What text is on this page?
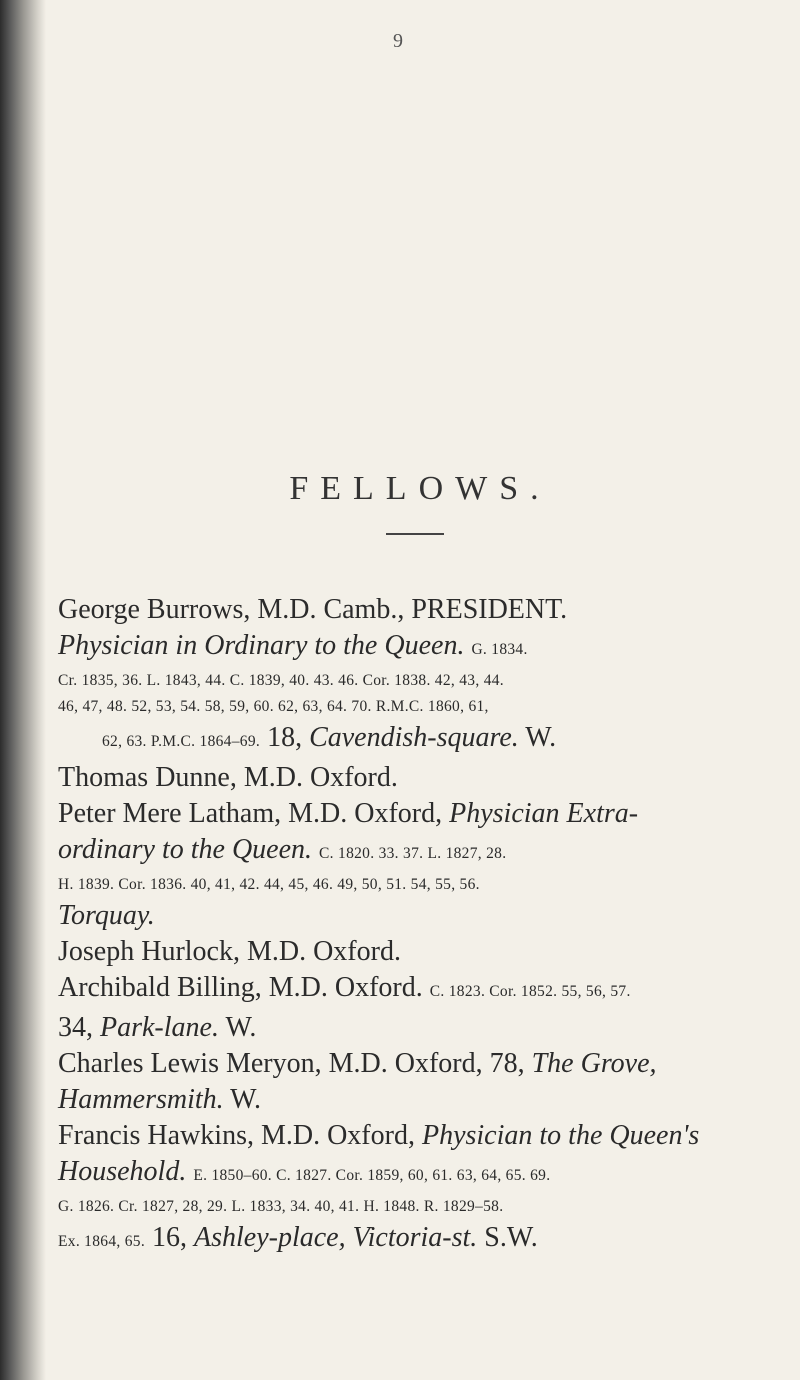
9
FELLOWS.

George Burrows, M.D. Camb., PRESIDENT.
Physician in Ordinary to the Queen. G. 1834.
Cr. 1835, 36. L. 1843, 44. C. 1839, 40. 43. 46. Cor. 1838. 42, 43, 44.
46, 47, 48. 52, 53, 54. 58, 59, 60. 62, 63, 64. 70. R.M.C. 1860, 61,
62, 63. P.M.C. 1864–69. 18, Cavendish-square. W.

Thomas Dunne, M.D. Oxford.

Peter Mere Latham, M.D. Oxford, Physician Extra-
ordinary to the Queen. C. 1820. 33. 37. L. 1827, 28.
H. 1839. Cor. 1836. 40, 41, 42. 44, 45, 46. 49, 50, 51. 54, 55, 56.
Torquay.

Joseph Hurlock, M.D. Oxford.

Archibald Billing, M.D. Oxford. C. 1823. Cor. 1852. 55, 56, 57.
34, Park-lane. W.

Charles Lewis Meryon, M.D. Oxford, 78, The Grove,
Hammersmith. W.

Francis Hawkins, M.D. Oxford, Physician to the Queen's
Household. E. 1850–60. C. 1827. Cor. 1859, 60, 61. 63, 64, 65. 69.
G. 1826. Cr. 1827, 28, 29. L. 1833, 34. 40, 41. H. 1848. R. 1829–58.
Ex. 1864, 65. 16, Ashley-place, Victoria-st. S.W.
